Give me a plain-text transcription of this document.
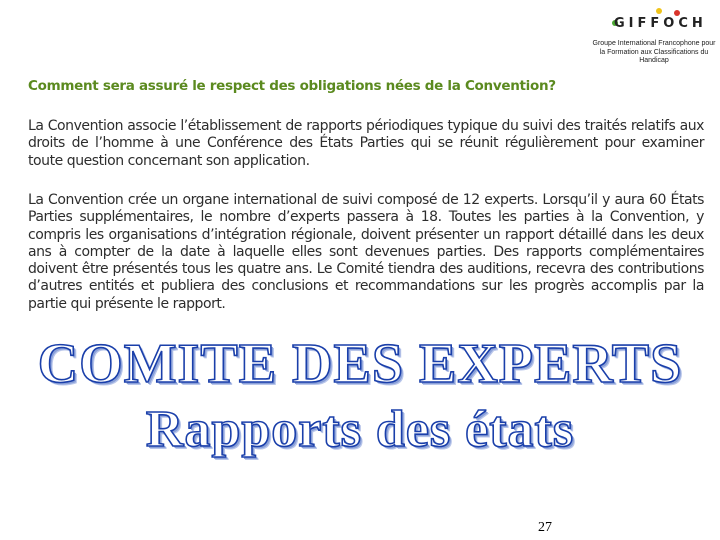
GIFFOCH
Groupe International Francophone pour la Formation aux Classifications du Handicap
Comment sera assuré le respect des obligations nées de la Convention?
La Convention associe l’établissement de rapports périodiques typique du suivi des traités relatifs aux droits de l’homme à une Conférence des États Parties qui se réunit régulièrement pour examiner toute question concernant son application.
La Convention crée un organe international de suivi composé de 12 experts. Lorsqu’il y aura 60 États Parties supplémentaires, le nombre d’experts passera à 18. Toutes les parties à la Convention, y compris les organisations d’intégration régionale, doivent présenter un rapport détaillé dans les deux ans à compter de la date à laquelle elles sont devenues parties. Des rapports complémentaires doivent être présentés tous les quatre ans. Le Comité tiendra des auditions, recevra des contributions d’autres entités et publiera des conclusions et recommandations sur les progrès accomplis par la partie qui présente le rapport.
COMITE DES EXPERTS
Rapports des états
27
